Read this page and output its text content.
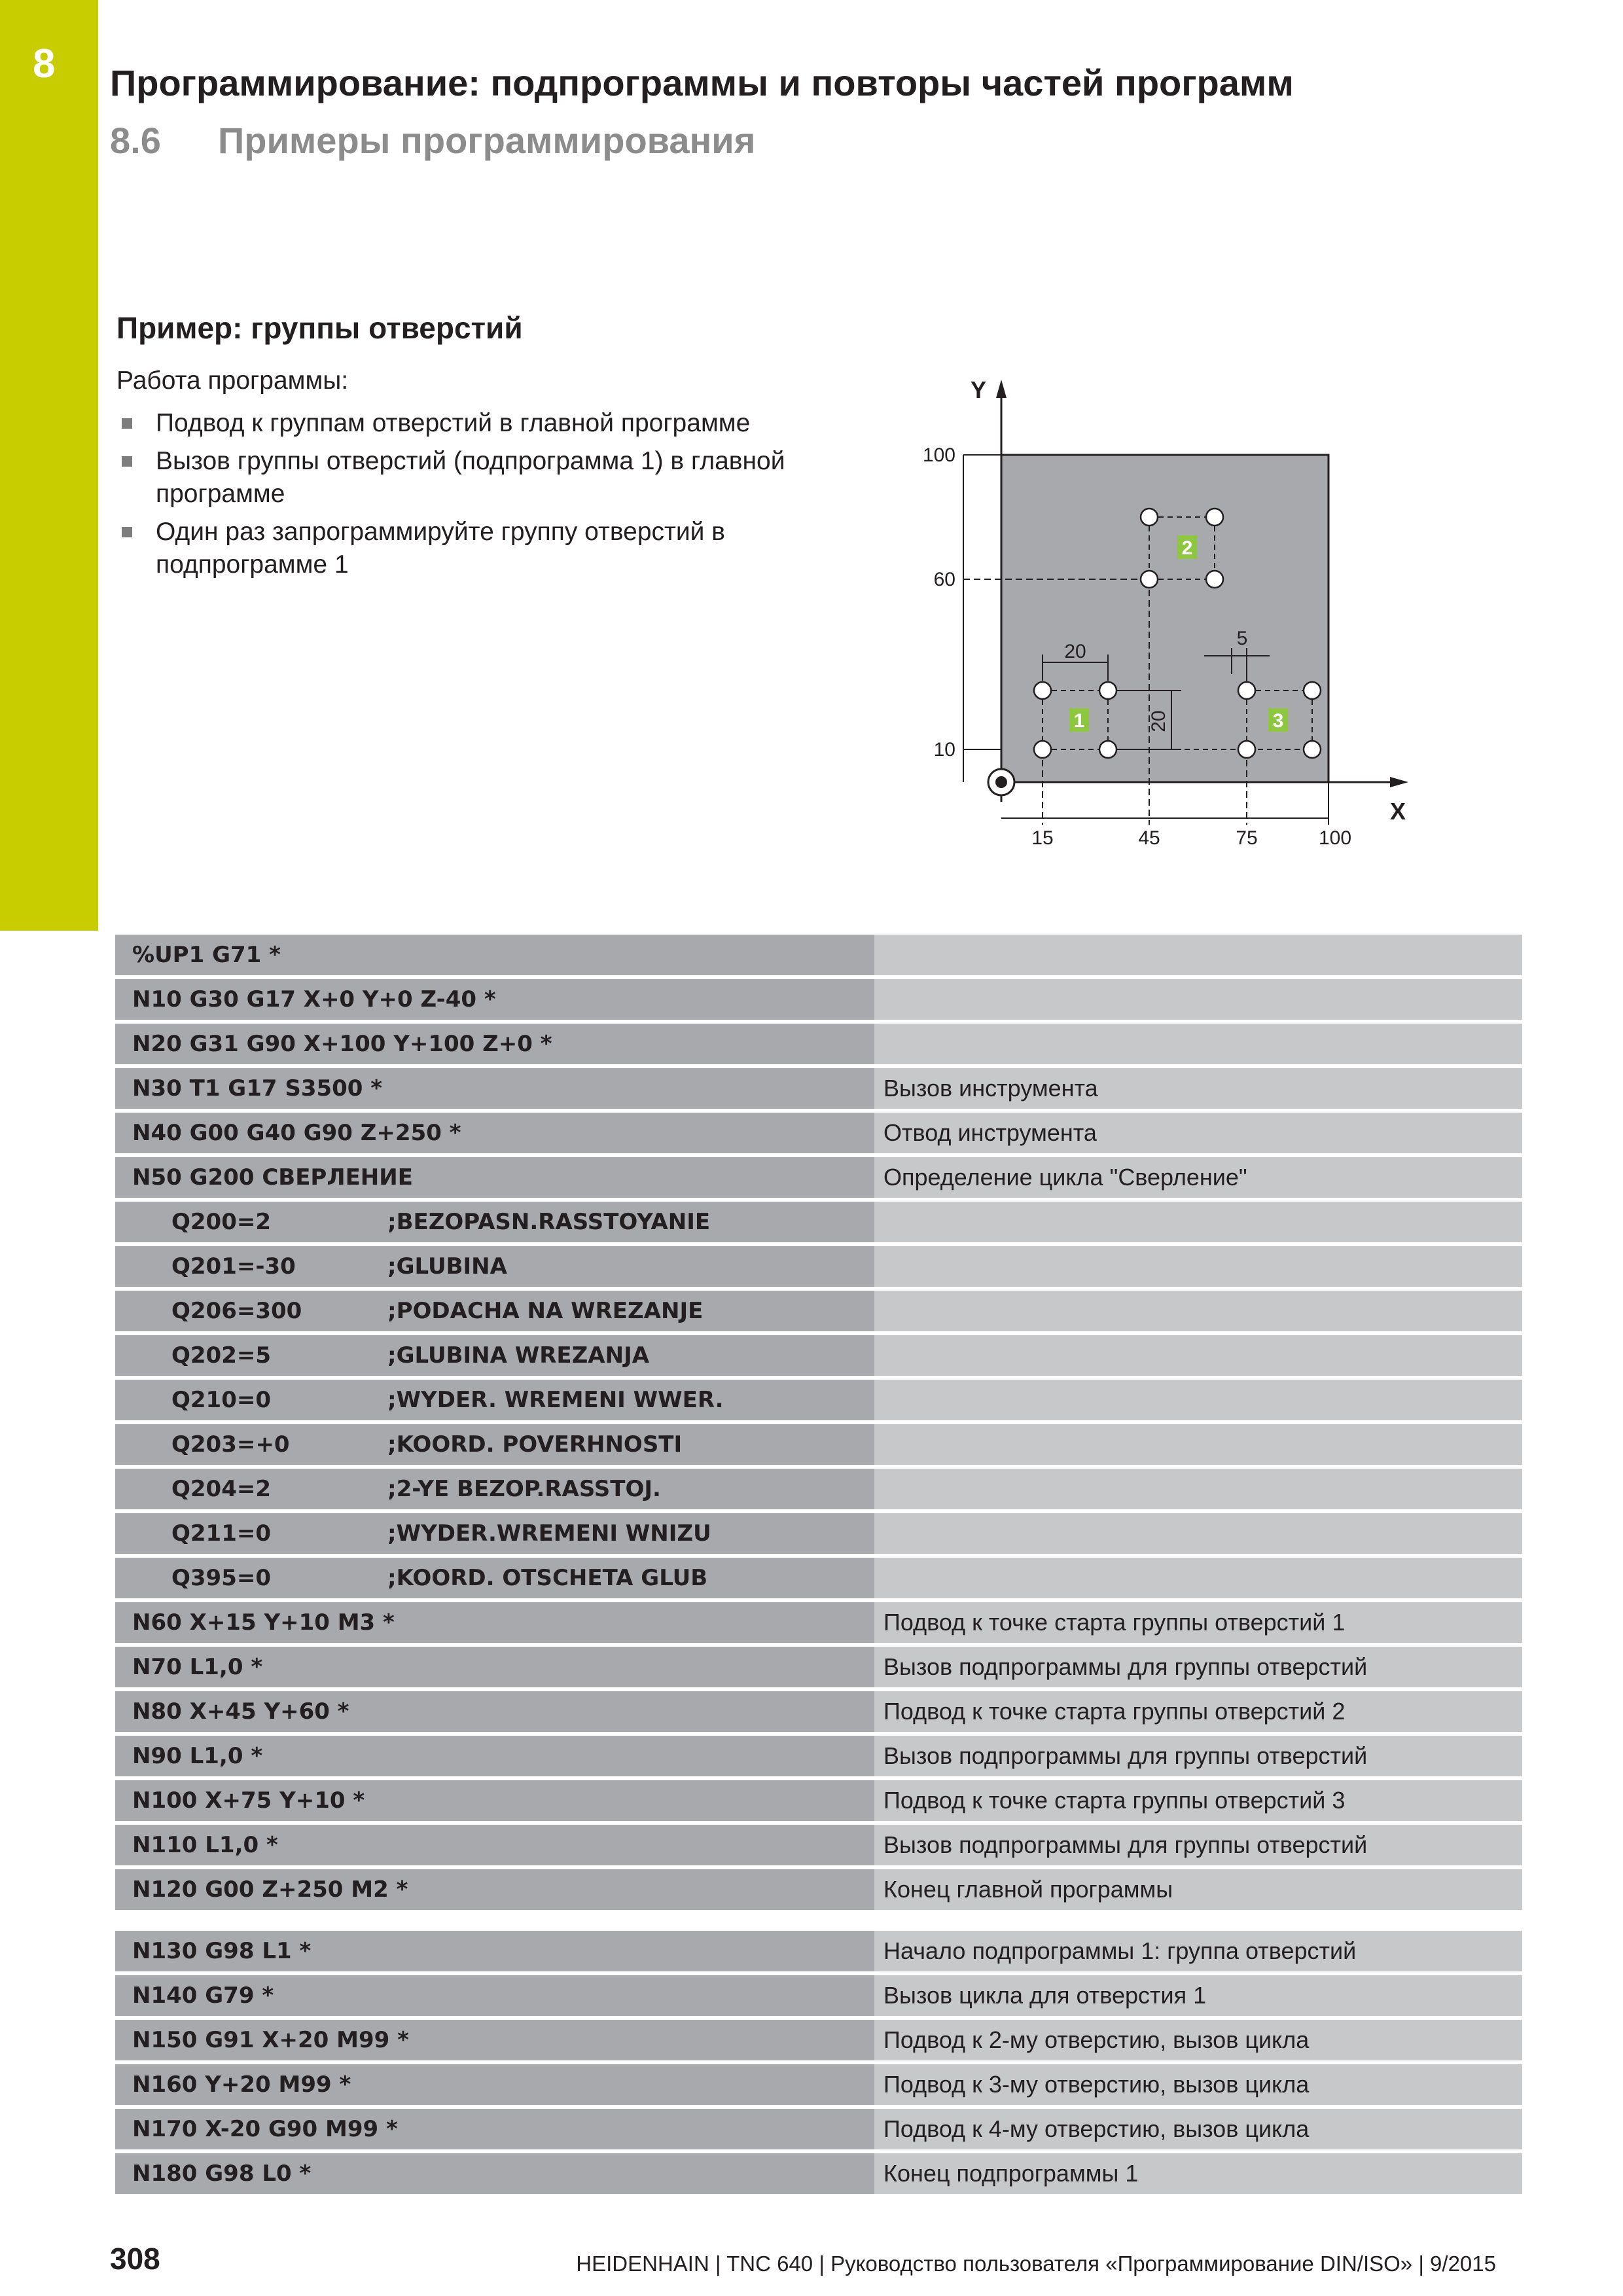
8 Программирование: подпрограммы и повторы частей программ
8.6 Примеры программирования
Пример: группы отверстий
Работа программы:
Подвод к группам отверстий в главной программе
Вызов группы отверстий (подпрограмма 1) в главной программе
Один раз запрограммируйте группу отверстий в подпрограмме 1
Y
X
100
60
10
15	45	75	100
20
20
1
2
5
3
%UP1 G71 *	
N10 G30 G17 X+0 Y+0 Z-40 *	
N20 G31 G90 X+100 Y+100 Z+0 *	
N30 T1 G17 S3500 *	Вызов инструмента
N40 G00 G40 G90 Z+250 *	Отвод инструмента
N50 G200 СВЕРЛЕНИЕ	Определение цикла "Сверление"
Q200=2 ;BEZOPASN.RASSTOYANIE	
Q201=-30 ;GLUBINA	
Q206=300 ;PODACHA NA WREZANJE	
Q202=5 ;GLUBINA WREZANJA	
Q210=0 ;WYDER. WREMENI WWER.	
Q203=+0 ;KOORD. POVERHNOSTI	
Q204=2 ;2-YE BEZOP.RASSTOJ.	
Q211=0 ;WYDER.WREMENI WNIZU	
Q395=0 ;KOORD. OTSCHETA GLUB	
N60 X+15 Y+10 M3 *	Подвод к точке старта группы отверстий 1
N70 L1,0 *	Вызов подпрограммы для группы отверстий
N80 X+45 Y+60 *	Подвод к точке старта группы отверстий 2
N90 L1,0 *	Вызов подпрограммы для группы отверстий
N100 X+75 Y+10 *	Подвод к точке старта группы отверстий 3
N110 L1,0 *	Вызов подпрограммы для группы отверстий
N120 G00 Z+250 M2 *	Конец главной программы
N130 G98 L1 *	Начало подпрограммы 1: группа отверстий
N140 G79 *	Вызов цикла для отверстия 1
N150 G91 X+20 M99 *	Подвод к 2-му отверстию, вызов цикла
N160 Y+20 M99 *	Подвод к 3-му отверстию, вызов цикла
N170 X-20 G90 M99 *	Подвод к 4-му отверстию, вызов цикла
N180 G98 L0 *	Конец подпрограммы 1
308	HEIDENHAIN | TNC 640 | Руководство пользователя «Программирование DIN/ISO» | 9/2015
